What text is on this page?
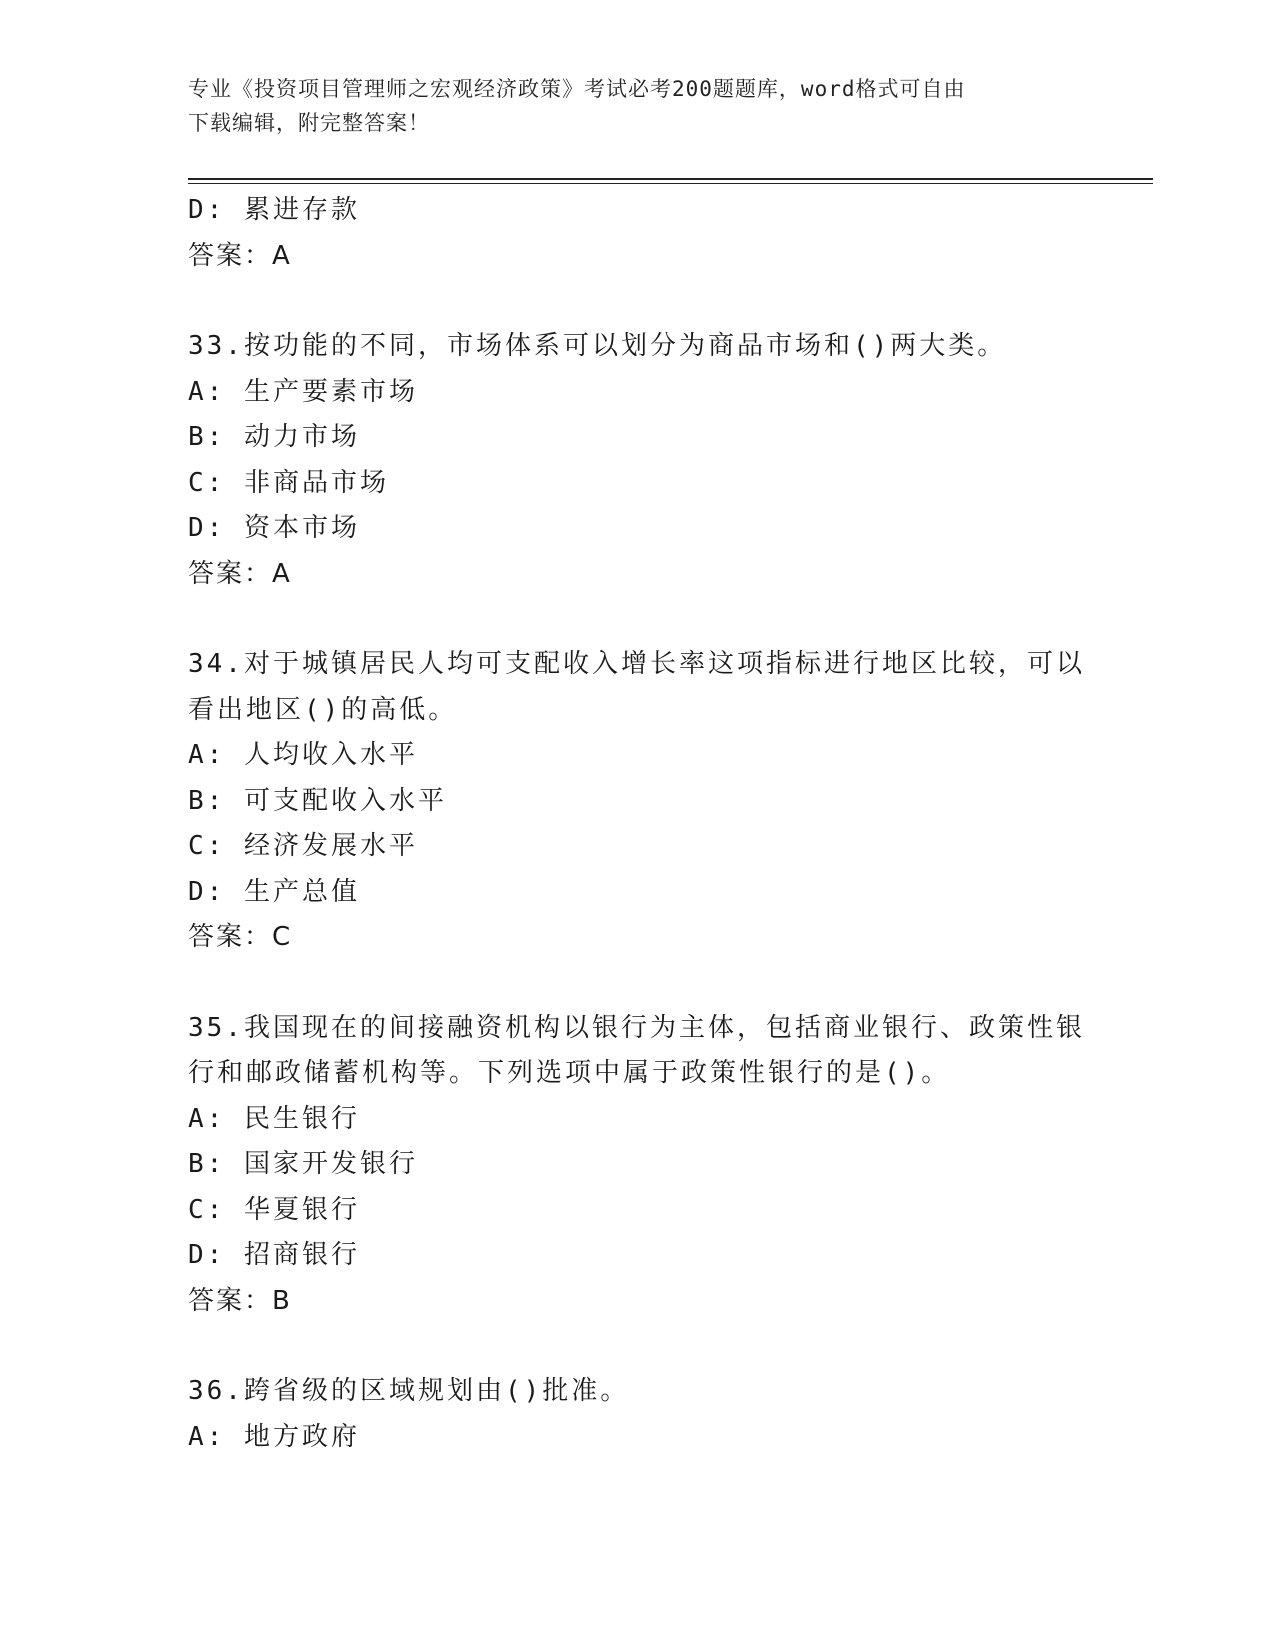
专业《投资项目管理师之宏观经济政策》考试必考200题题库，word格式可自由
下载编辑，附完整答案！
D: 累进存款
答案：A
33.按功能的不同，市场体系可以划分为商品市场和()两大类。
A: 生产要素市场
B: 动力市场
C: 非商品市场
D: 资本市场
答案：A
34.对于城镇居民人均可支配收入增长率这项指标进行地区比较，可以
看出地区()的高低。
A: 人均收入水平
B: 可支配收入水平
C: 经济发展水平
D: 生产总值
答案：C
35.我国现在的间接融资机构以银行为主体，包括商业银行、政策性银
行和邮政储蓄机构等。下列选项中属于政策性银行的是()。
A: 民生银行
B: 国家开发银行
C: 华夏银行
D: 招商银行
答案：B
36.跨省级的区域规划由()批准。
A: 地方政府
